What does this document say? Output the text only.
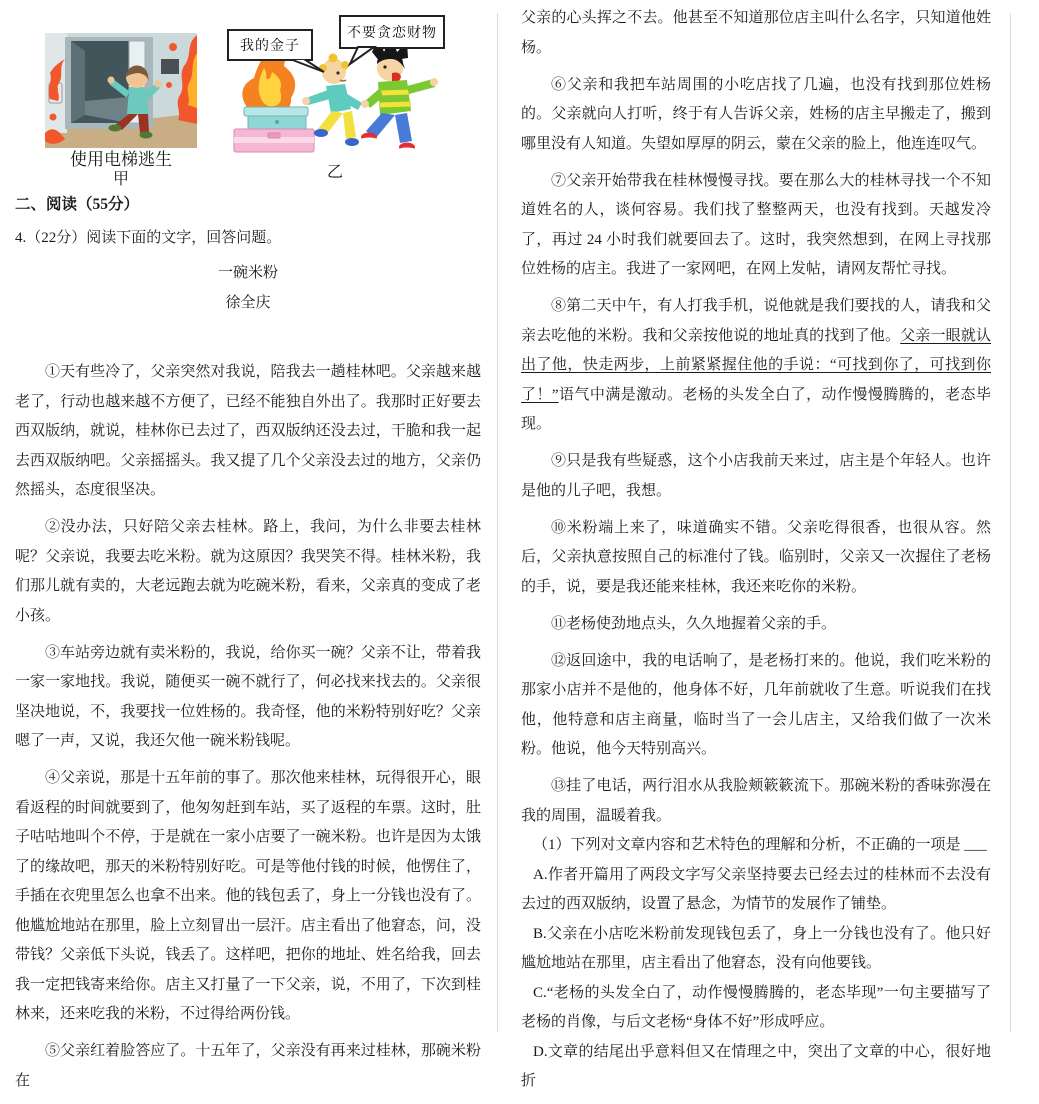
使用电梯逃生
甲
我的金子
不要贪恋财物
乙
二、阅读（55分）

4.（22分）阅读下面的文字，回答问题。

一碗米粉
徐全庆

①天有些冷了，父亲突然对我说，陪我去一趟桂林吧。父亲越来越老了，行动也越来越不方便了，已经不能独自外出了。我那时正好要去西双版纳，就说，桂林你已去过了，西双版纳还没去过，干脆和我一起去西双版纳吧。父亲摇摇头。我又提了几个父亲没去过的地方，父亲仍然摇头，态度很坚决。

②没办法，只好陪父亲去桂林。路上，我问，为什么非要去桂林呢？父亲说，我要去吃米粉。就为这原因？我哭笑不得。桂林米粉，我们那儿就有卖的，大老远跑去就为吃碗米粉，看来，父亲真的变成了老小孩。

③车站旁边就有卖米粉的，我说，给你买一碗？父亲不让，带着我一家一家地找。我说，随便买一碗不就行了，何必找来找去的。父亲很坚决地说，不，我要找一位姓杨的。我奇怪，他的米粉特别好吃？父亲嗯了一声，又说，我还欠他一碗米粉钱呢。

④父亲说，那是十五年前的事了。那次他来桂林，玩得很开心，眼看返程的时间就要到了，他匆匆赶到车站，买了返程的车票。这时，肚子咕咕地叫个不停，于是就在一家小店要了一碗米粉。也许是因为太饿了的缘故吧，那天的米粉特别好吃。可是等他付钱的时候，他愣住了，手插在衣兜里怎么也拿不出来。他的钱包丢了，身上一分钱也没有了。他尴尬地站在那里，脸上立刻冒出一层汗。店主看出了他窘态，问，没带钱？父亲低下头说，钱丢了。这样吧，把你的地址、姓名给我，回去我一定把钱寄来给你。店主又打量了一下父亲，说，不用了，下次到桂林来，还来吃我的米粉，不过得给两份钱。

⑤父亲红着脸答应了。十五年了，父亲没有再来过桂林，那碗米粉在

父亲的心头挥之不去。他甚至不知道那位店主叫什么名字，只知道他姓杨。

⑥父亲和我把车站周围的小吃店找了几遍，也没有找到那位姓杨的。父亲就向人打听，终于有人告诉父亲，姓杨的店主早搬走了，搬到哪里没有人知道。失望如厚厚的阴云，蒙在父亲的脸上，他连连叹气。

⑦父亲开始带我在桂林慢慢寻找。要在那么大的桂林寻找一个不知道姓名的人，谈何容易。我们找了整整两天，也没有找到。天越发冷了，再过 24 小时我们就要回去了。这时，我突然想到，在网上寻找那位姓杨的店主。我进了一家网吧，在网上发帖，请网友帮忙寻找。

⑧第二天中午，有人打我手机，说他就是我们要找的人，请我和父亲去吃他的米粉。我和父亲按他说的地址真的找到了他。父亲一眼就认出了他，快走两步，上前紧紧握住他的手说：“可找到你了，可找到你了！”语气中满是激动。老杨的头发全白了，动作慢慢腾腾的，老态毕现。

⑨只是我有些疑惑，这个小店我前天来过，店主是个年轻人。也许是他的儿子吧，我想。

⑩米粉端上来了，味道确实不错。父亲吃得很香，也很从容。然后，父亲执意按照自己的标准付了钱。临别时，父亲又一次握住了老杨的手，说，要是我还能来桂林，我还来吃你的米粉。

⑪老杨使劲地点头，久久地握着父亲的手。

⑫返回途中，我的电话响了，是老杨打来的。他说，我们吃米粉的那家小店并不是他的，他身体不好，几年前就收了生意。听说我们在找他，他特意和店主商量，临时当了一会儿店主，又给我们做了一次米粉。他说，他今天特别高兴。

⑬挂了电话，两行泪水从我脸颊簌簌流下。那碗米粉的香味弥漫在我的周围，温暖着我。

（1）下列对文章内容和艺术特色的理解和分析，不正确的一项是 ___

A.作者开篇用了两段文字写父亲坚持要去已经去过的桂林而不去没有去过的西双版纳，设置了悬念，为情节的发展作了铺垫。

B.父亲在小店吃米粉前发现钱包丢了，身上一分钱也没有了。他只好尴尬地站在那里，店主看出了他窘态，没有向他要钱。

C.“老杨的头发全白了，动作慢慢腾腾的，老态毕现”一句主要描写了老杨的肖像，与后文老杨“身体不好”形成呼应。

D.文章的结尾出乎意料但又在情理之中，突出了文章的中心，很好地折
